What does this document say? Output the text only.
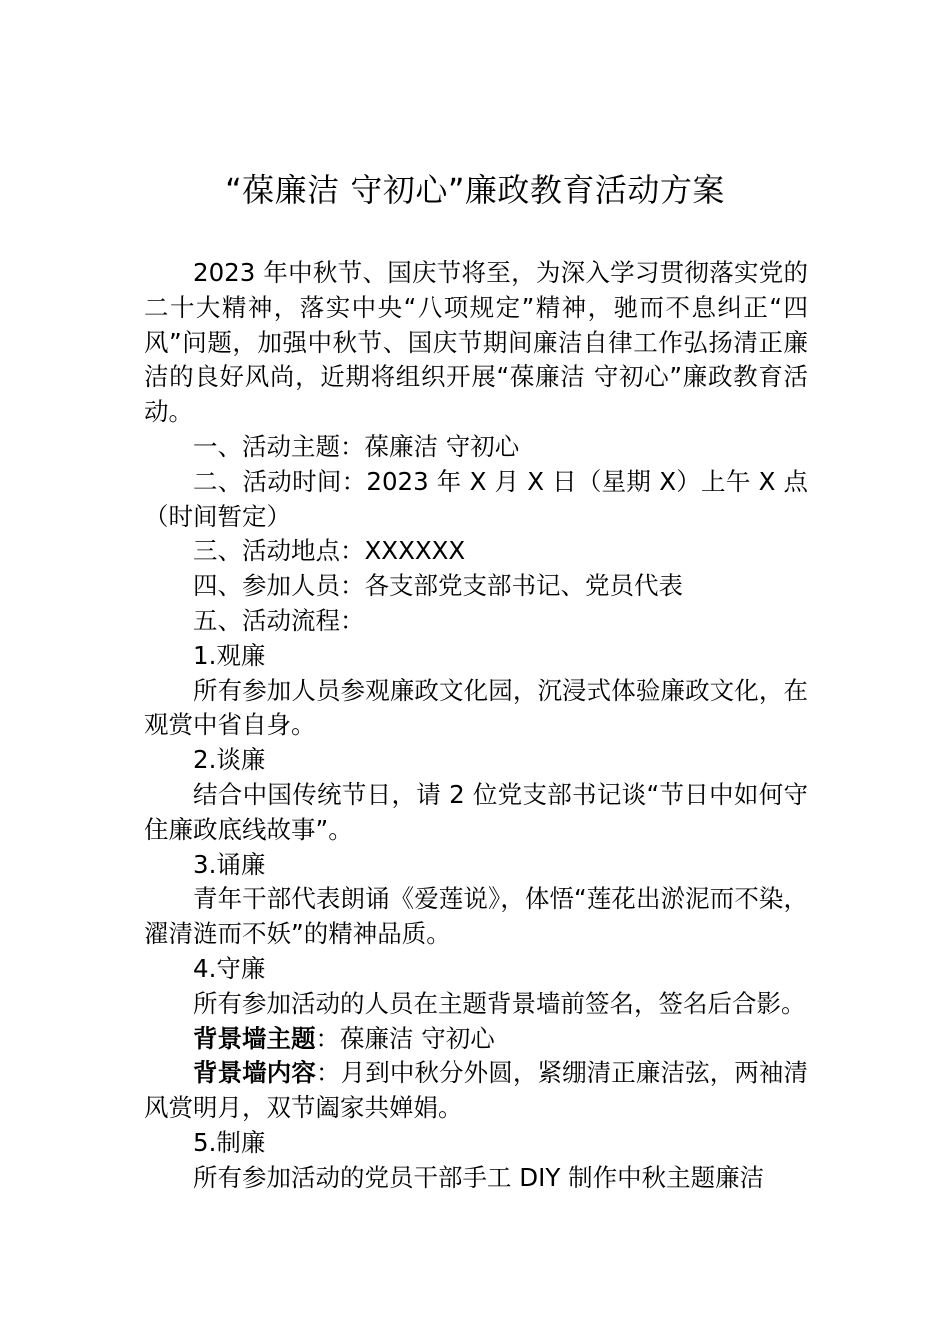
“葆廉洁 守初心”廉政教育活动方案

2023 年中秋节、国庆节将至，为深入学习贯彻落实党的二十大精神，落实中央“八项规定”精神，驰而不息纠正“四风”问题，加强中秋节、国庆节期间廉洁自律工作弘扬清正廉洁的良好风尚，近期将组织开展“葆廉洁 守初心”廉政教育活动。

一、活动主题：葆廉洁 守初心

二、活动时间：2023 年 X 月 X 日（星期 X）上午 X 点（时间暂定）

三、活动地点：XXXXXX

四、参加人员：各支部党支部书记、党员代表

五、活动流程：

1.观廉

所有参加人员参观廉政文化园，沉浸式体验廉政文化，在观赏中省自身。

2.谈廉

结合中国传统节日，请 2 位党支部书记谈“节日中如何守住廉政底线故事”。

3.诵廉

青年干部代表朗诵《爱莲说》，体悟“莲花出淤泥而不染，濯清涟而不妖”的精神品质。

4.守廉

所有参加活动的人员在主题背景墙前签名，签名后合影。

背景墙主题：葆廉洁 守初心

背景墙内容：月到中秋分外圆，紧绷清正廉洁弦，两袖清风赏明月，双节阖家共婵娟。

5.制廉

所有参加活动的党员干部手工 DIY 制作中秋主题廉洁
